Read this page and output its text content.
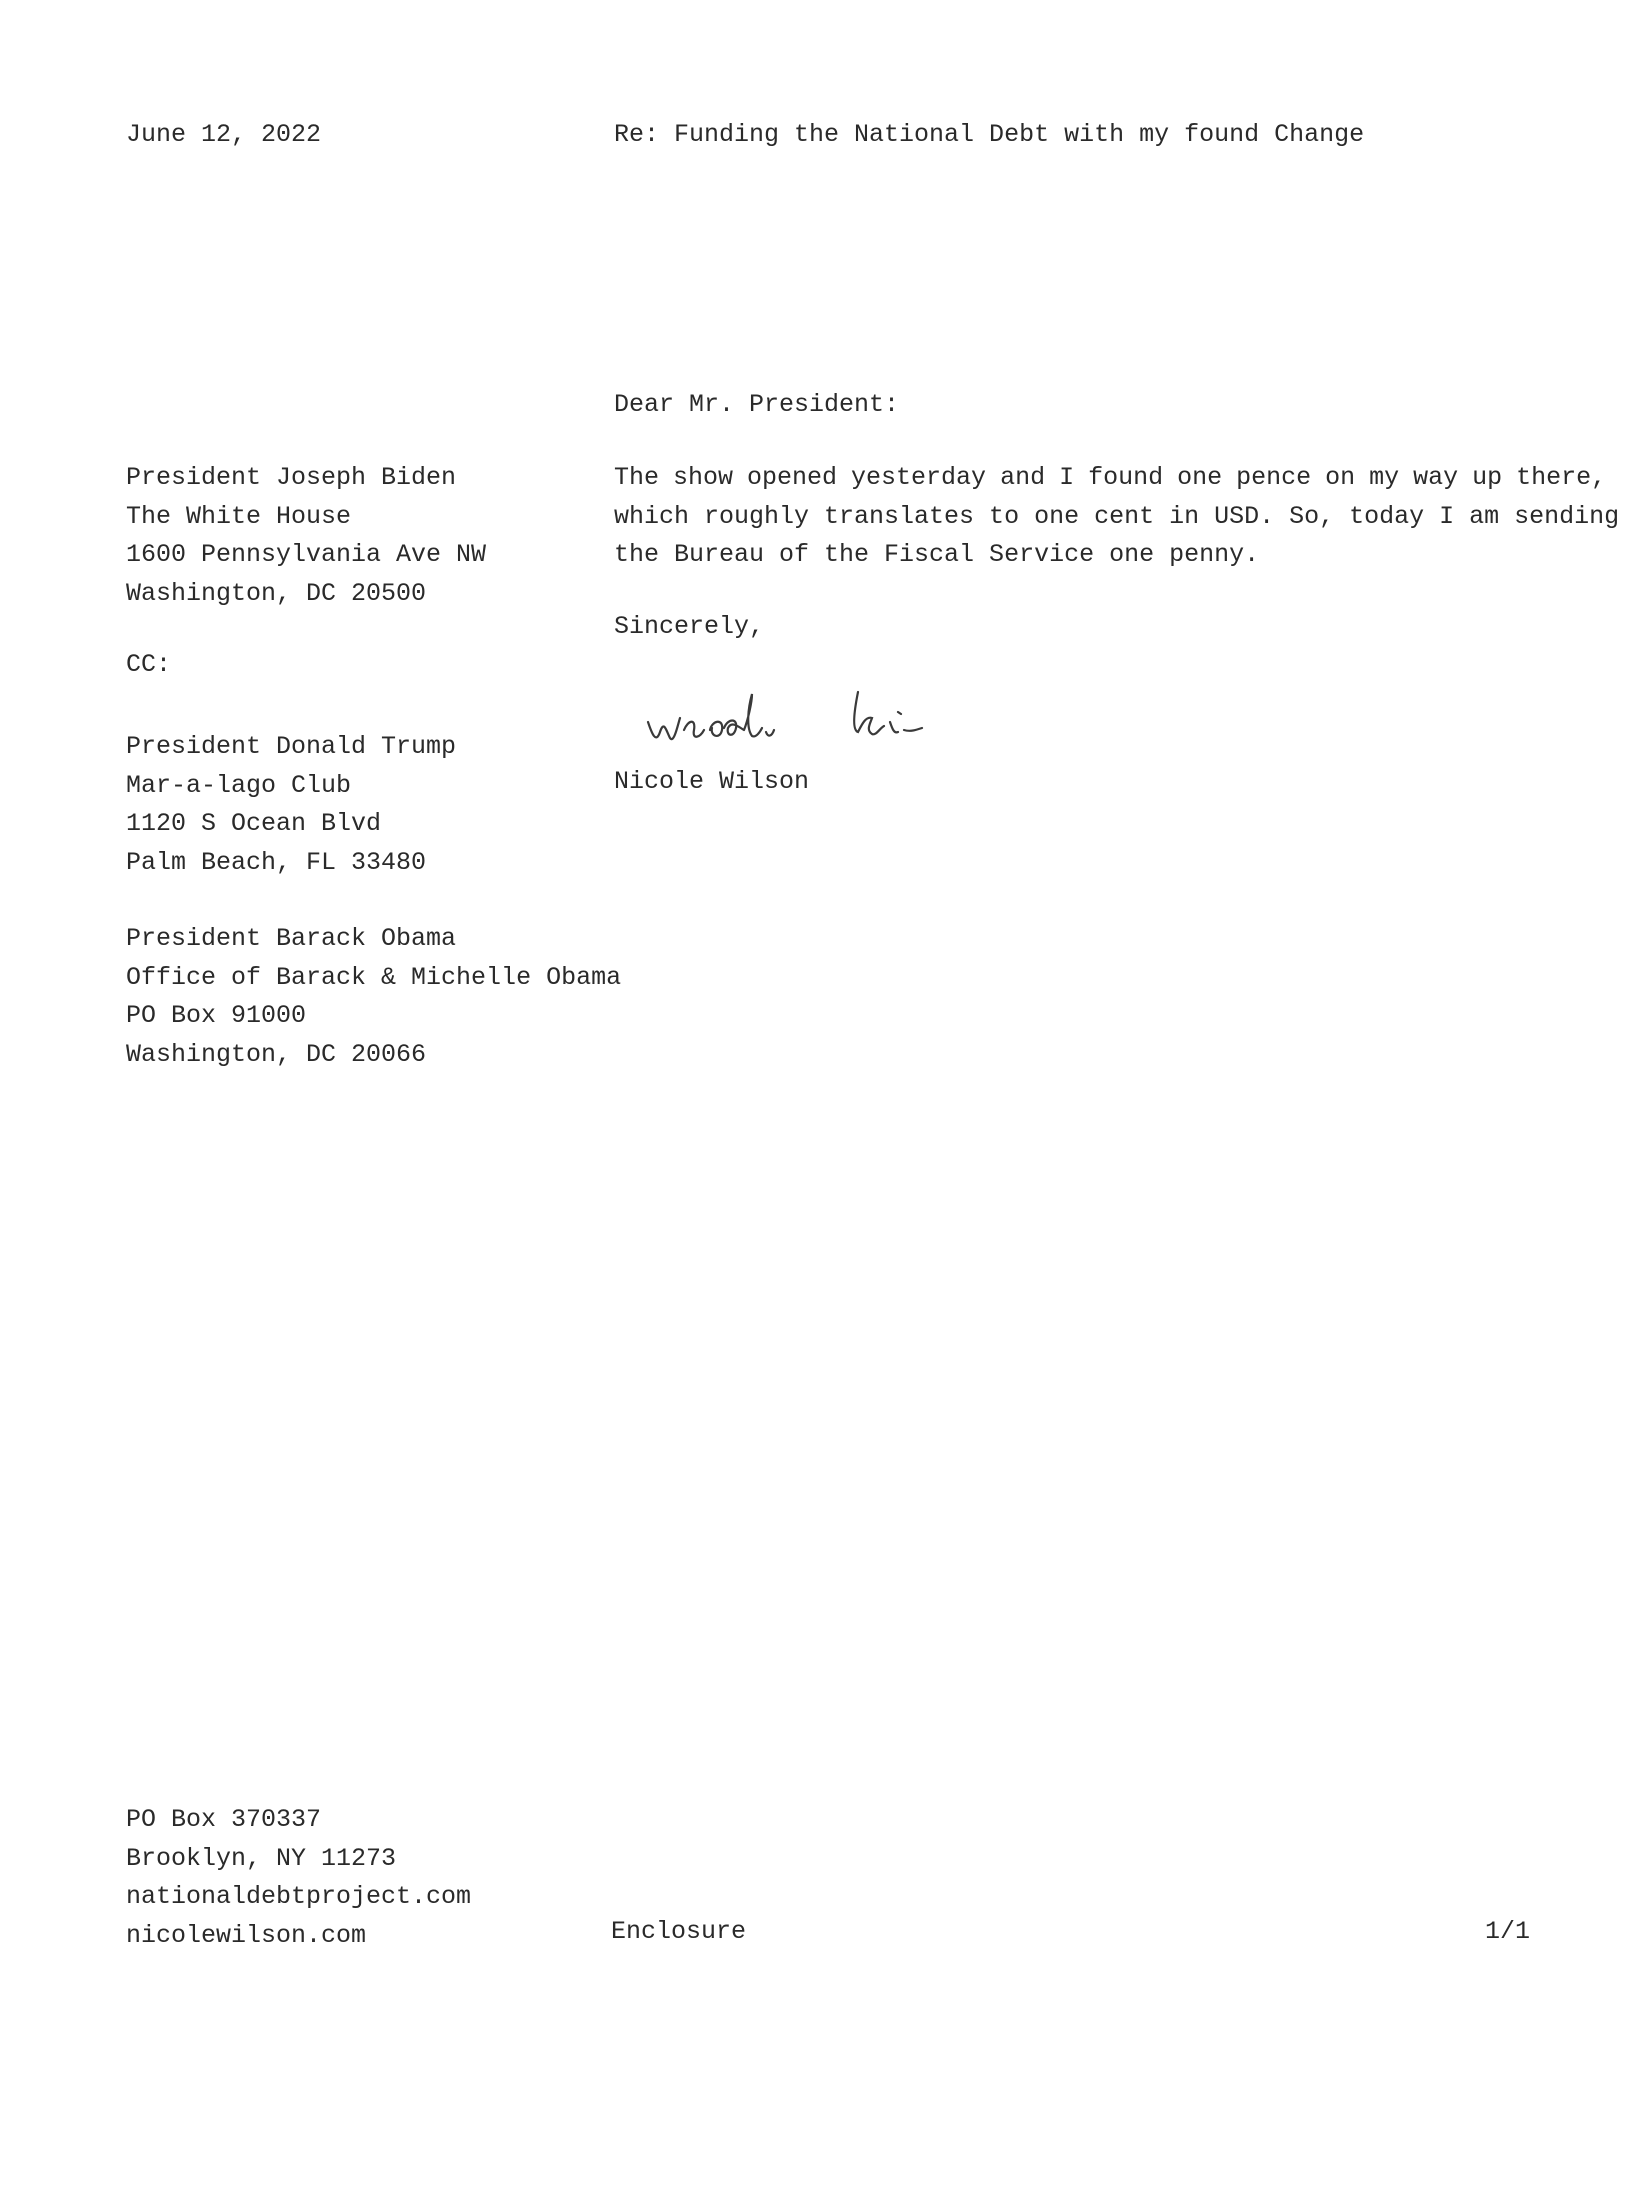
June 12, 2022	Re: Funding the National Debt with my found Change
Dear Mr. President:
President Joseph Biden
The White House
1600 Pennsylvania Ave NW
Washington, DC 20500
The show opened yesterday and I found one pence on my way up there,
which roughly translates to one cent in USD. So, today I am sending
the Bureau of the Fiscal Service one penny.
Sincerely,
CC:
President Donald Trump
Mar-a-lago Club
1120 S Ocean Blvd
Palm Beach, FL 33480
Nicole Wilson
President Barack Obama
Office of Barack & Michelle Obama
PO Box 91000
Washington, DC 20066
PO Box 370337
Brooklyn, NY 11273
nationaldebtproject.com
nicolewilson.com	Enclosure	1/1
